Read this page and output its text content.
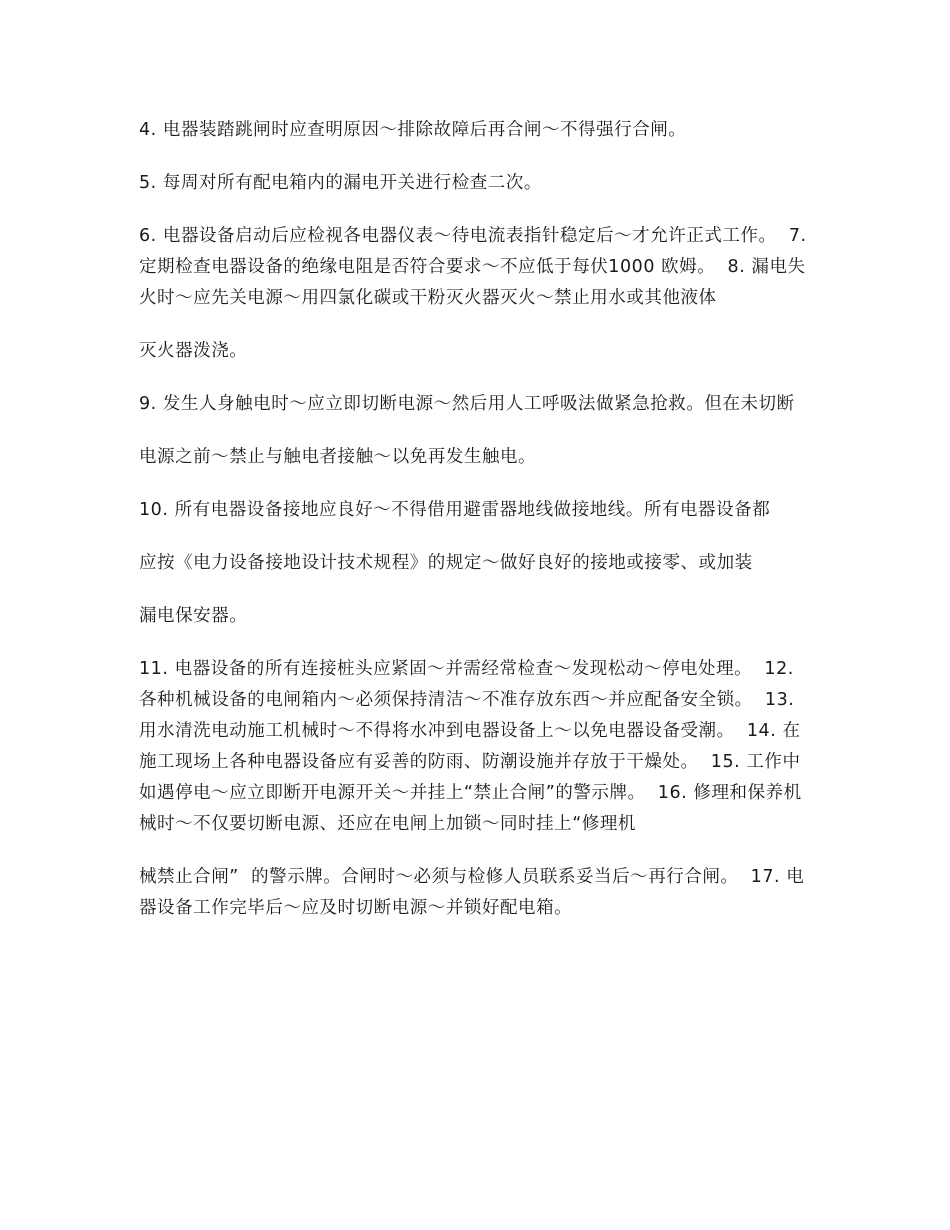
4. 电器装踏跳闸时应查明原因～排除故障后再合闸～不得强行合闸。

5. 每周对所有配电箱内的漏电开关进行检查二次。

6. 电器设备启动后应检视各电器仪表～待电流表指针稳定后～才允许正式工作。  7. 定期检查电器设备的绝缘电阻是否符合要求～不应低于每伏1000 欧姆。  8. 漏电失火时～应先关电源～用四氯化碳或干粉灭火器灭火～禁止用水或其他液体

灭火器泼浇。

9. 发生人身触电时～应立即切断电源～然后用人工呼吸法做紧急抢救。但在未切断

电源之前～禁止与触电者接触～以免再发生触电。

10. 所有电器设备接地应良好～不得借用避雷器地线做接地线。所有电器设备都

应按《电力设备接地设计技术规程》的规定～做好良好的接地或接零、或加装

漏电保安器。

11. 电器设备的所有连接桩头应紧固～并需经常检查～发现松动～停电处理。  12. 各种机械设备的电闸箱内～必须保持清洁～不准存放东西～并应配备安全锁。  13. 用水清洗电动施工机械时～不得将水冲到电器设备上～以免电器设备受潮。  14. 在施工现场上各种电器设备应有妥善的防雨、防潮设施并存放于干燥处。  15. 工作中如遇停电～应立即断开电源开关～并挂上“禁止合闸”的警示牌。  16. 修理和保养机械时～不仅要切断电源、还应在电闸上加锁～同时挂上“修理机

械禁止合闸”  的警示牌。合闸时～必须与检修人员联系妥当后～再行合闸。  17. 电器设备工作完毕后～应及时切断电源～并锁好配电箱。
